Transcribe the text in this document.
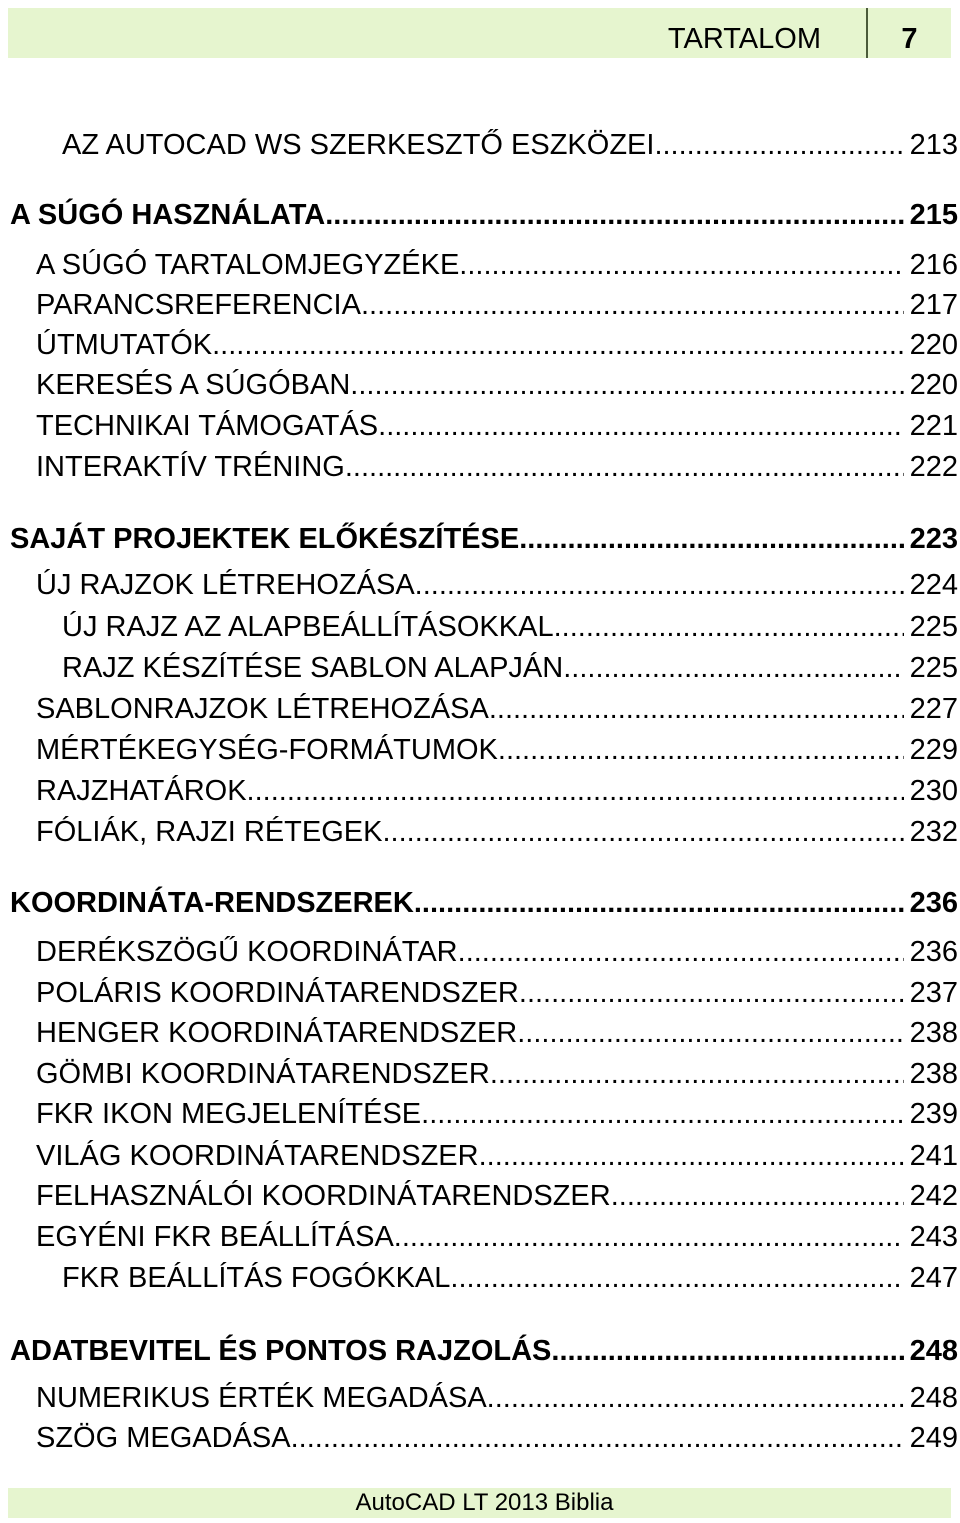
TARTALOM	7
AZ AUTOCAD WS SZERKESZTŐ ESZKÖZEI .....	213
A SÚGÓ HASZNÁLATA .....	215
A SÚGÓ TARTALOMJEGYZÉKE .....	216
PARANCSREFERENCIA .....	217
ÚTMUTATÓK .....	220
KERESÉS A SÚGÓBAN .....	220
TECHNIKAI TÁMOGATÁS .....	221
INTERAKTÍV TRÉNING .....	222
SAJÁT PROJEKTEK ELŐKÉSZÍTÉSE .....	223
ÚJ RAJZOK LÉTREHOZÁSA .....	224
ÚJ RAJZ AZ ALAPBEÁLLÍTÁSOKKAL .....	225
RAJZ KÉSZÍTÉSE SABLON ALAPJÁN .....	225
SABLONRAJZOK LÉTREHOZÁSA .....	227
MÉRTÉKEGYSÉG-FORMÁTUMOK .....	229
RAJZHATÁROK .....	230
FÓLIÁK, RAJZI RÉTEGEK .....	232
KOORDINÁTA-RENDSZEREK .....	236
DERÉKSZÖGŰ KOORDINÁTAR. .....	236
POLÁRIS KOORDINÁTARENDSZER .....	237
HENGER KOORDINÁTARENDSZER .....	238
GÖMBI KOORDINÁTARENDSZER .....	238
FKR IKON MEGJELENÍTÉSE .....	239
VILÁG KOORDINÁTARENDSZER .....	241
FELHASZNÁLÓI KOORDINÁTARENDSZER .....	242
EGYÉNI FKR BEÁLLÍTÁSA .....	243
FKR BEÁLLÍTÁS FOGÓKKAL .....	247
ADATBEVITEL ÉS PONTOS RAJZOLÁS .....	248
NUMERIKUS ÉRTÉK MEGADÁSA .....	248
SZÖG MEGADÁSA .....	249
AutoCAD LT 2013 Biblia
